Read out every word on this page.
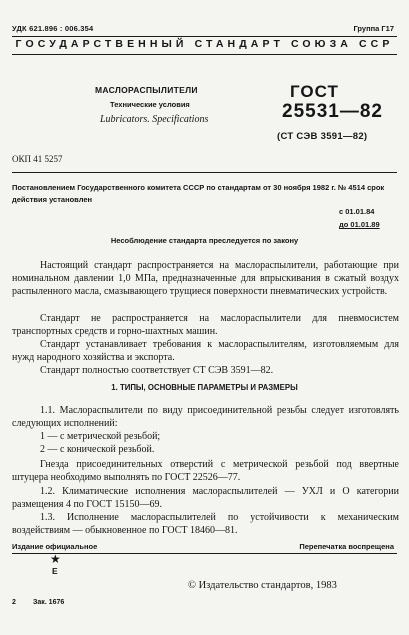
УДК 621.896 : 006.354	Группа Г17
ГОСУДАРСТВЕННЫЙ СТАНДАРТ СОЮЗА ССР
МАСЛОРАСПЫЛИТЕЛИ
Технические условия
Lubricators. Specifications
ГОСТ
25531—82
(СТ СЭВ 3591—82)
ОКП 41 5257
Постановлением Государственного комитета СССР по стандартам от 30 ноября 1982 г. № 4514 срок действия установлен
с 01.01.84
до 01.01.89
Несоблюдение стандарта преследуется по закону
Настоящий стандарт распространяется на маслораспылители, работающие при номинальном давлении 1,0 МПа, предназначенные для впрыскивания в сжатый воздух распыленного масла, смазывающего трущиеся поверхности пневматических устройств.
Стандарт не распространяется на маслораспылители для пневмосистем транспортных средств и горно-шахтных машин.
Стандарт устанавливает требования к маслораспылителям, изготовляемым для нужд народного хозяйства и экспорта.
Стандарт полностью соответствует СТ СЭВ 3591—82.
1. ТИПЫ, ОСНОВНЫЕ ПАРАМЕТРЫ И РАЗМЕРЫ
1.1. Маслораспылители по виду присоединительной резьбы следует изготовлять следующих исполнений:
1 — с метрической резьбой;
2 — с конической резьбой.
Гнезда присоединительных отверстий с метрической резьбой под ввертные штуцера необходимо выполнять по ГОСТ 22526—77.
1.2. Климатические исполнения маслораспылителей — УХЛ и О категории размещения 4 по ГОСТ 15150—69.
1.3. Исполнение маслораспылителей по устойчивости к механическим воздействиям — обыкновенное по ГОСТ 18460—81.
Издание официальное	Перепечатка воспрещена
★
Е
© Издательство стандартов, 1983
2 Зак. 1676
